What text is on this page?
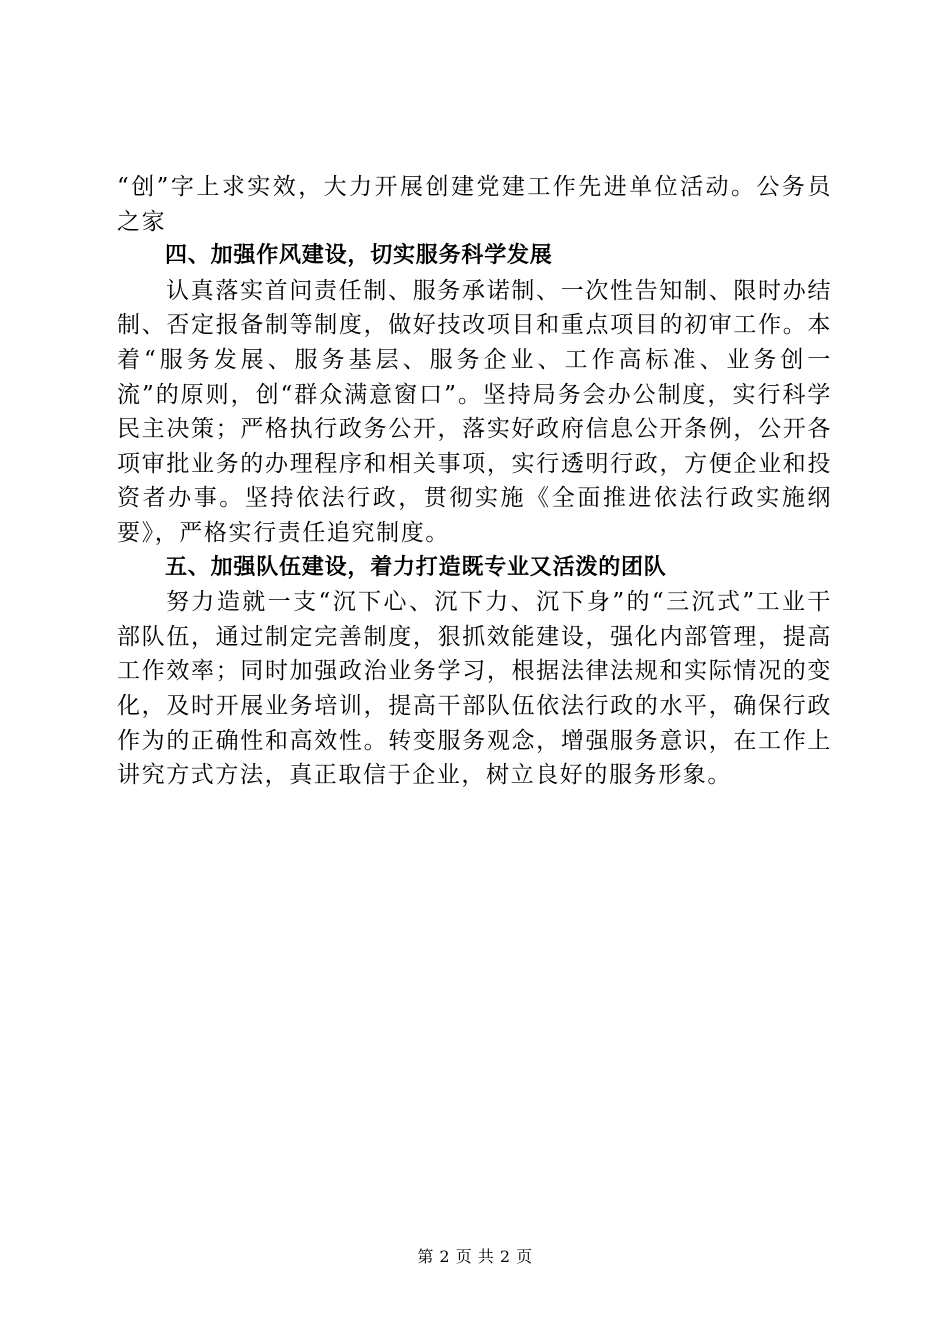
“创”字上求实效，大力开展创建党建工作先进单位活动。公务员之家

四、加强作风建设，切实服务科学发展

认真落实首问责任制、服务承诺制、一次性告知制、限时办结制、否定报备制等制度，做好技改项目和重点项目的初审工作。本着“服务发展、服务基层、服务企业、工作高标准、业务创一流”的原则，创“群众满意窗口”。坚持局务会办公制度，实行科学民主决策；严格执行政务公开，落实好政府信息公开条例，公开各项审批业务的办理程序和相关事项，实行透明行政，方便企业和投资者办事。坚持依法行政，贯彻实施《全面推进依法行政实施纲要》，严格实行责任追究制度。

五、加强队伍建设，着力打造既专业又活泼的团队

努力造就一支“沉下心、沉下力、沉下身”的“三沉式”工业干部队伍，通过制定完善制度，狠抓效能建设，强化内部管理，提高工作效率；同时加强政治业务学习，根据法律法规和实际情况的变化，及时开展业务培训，提高干部队伍依法行政的水平，确保行政作为的正确性和高效性。转变服务观念，增强服务意识，在工作上讲究方式方法，真正取信于企业，树立良好的服务形象。

第 2 页 共 2 页
